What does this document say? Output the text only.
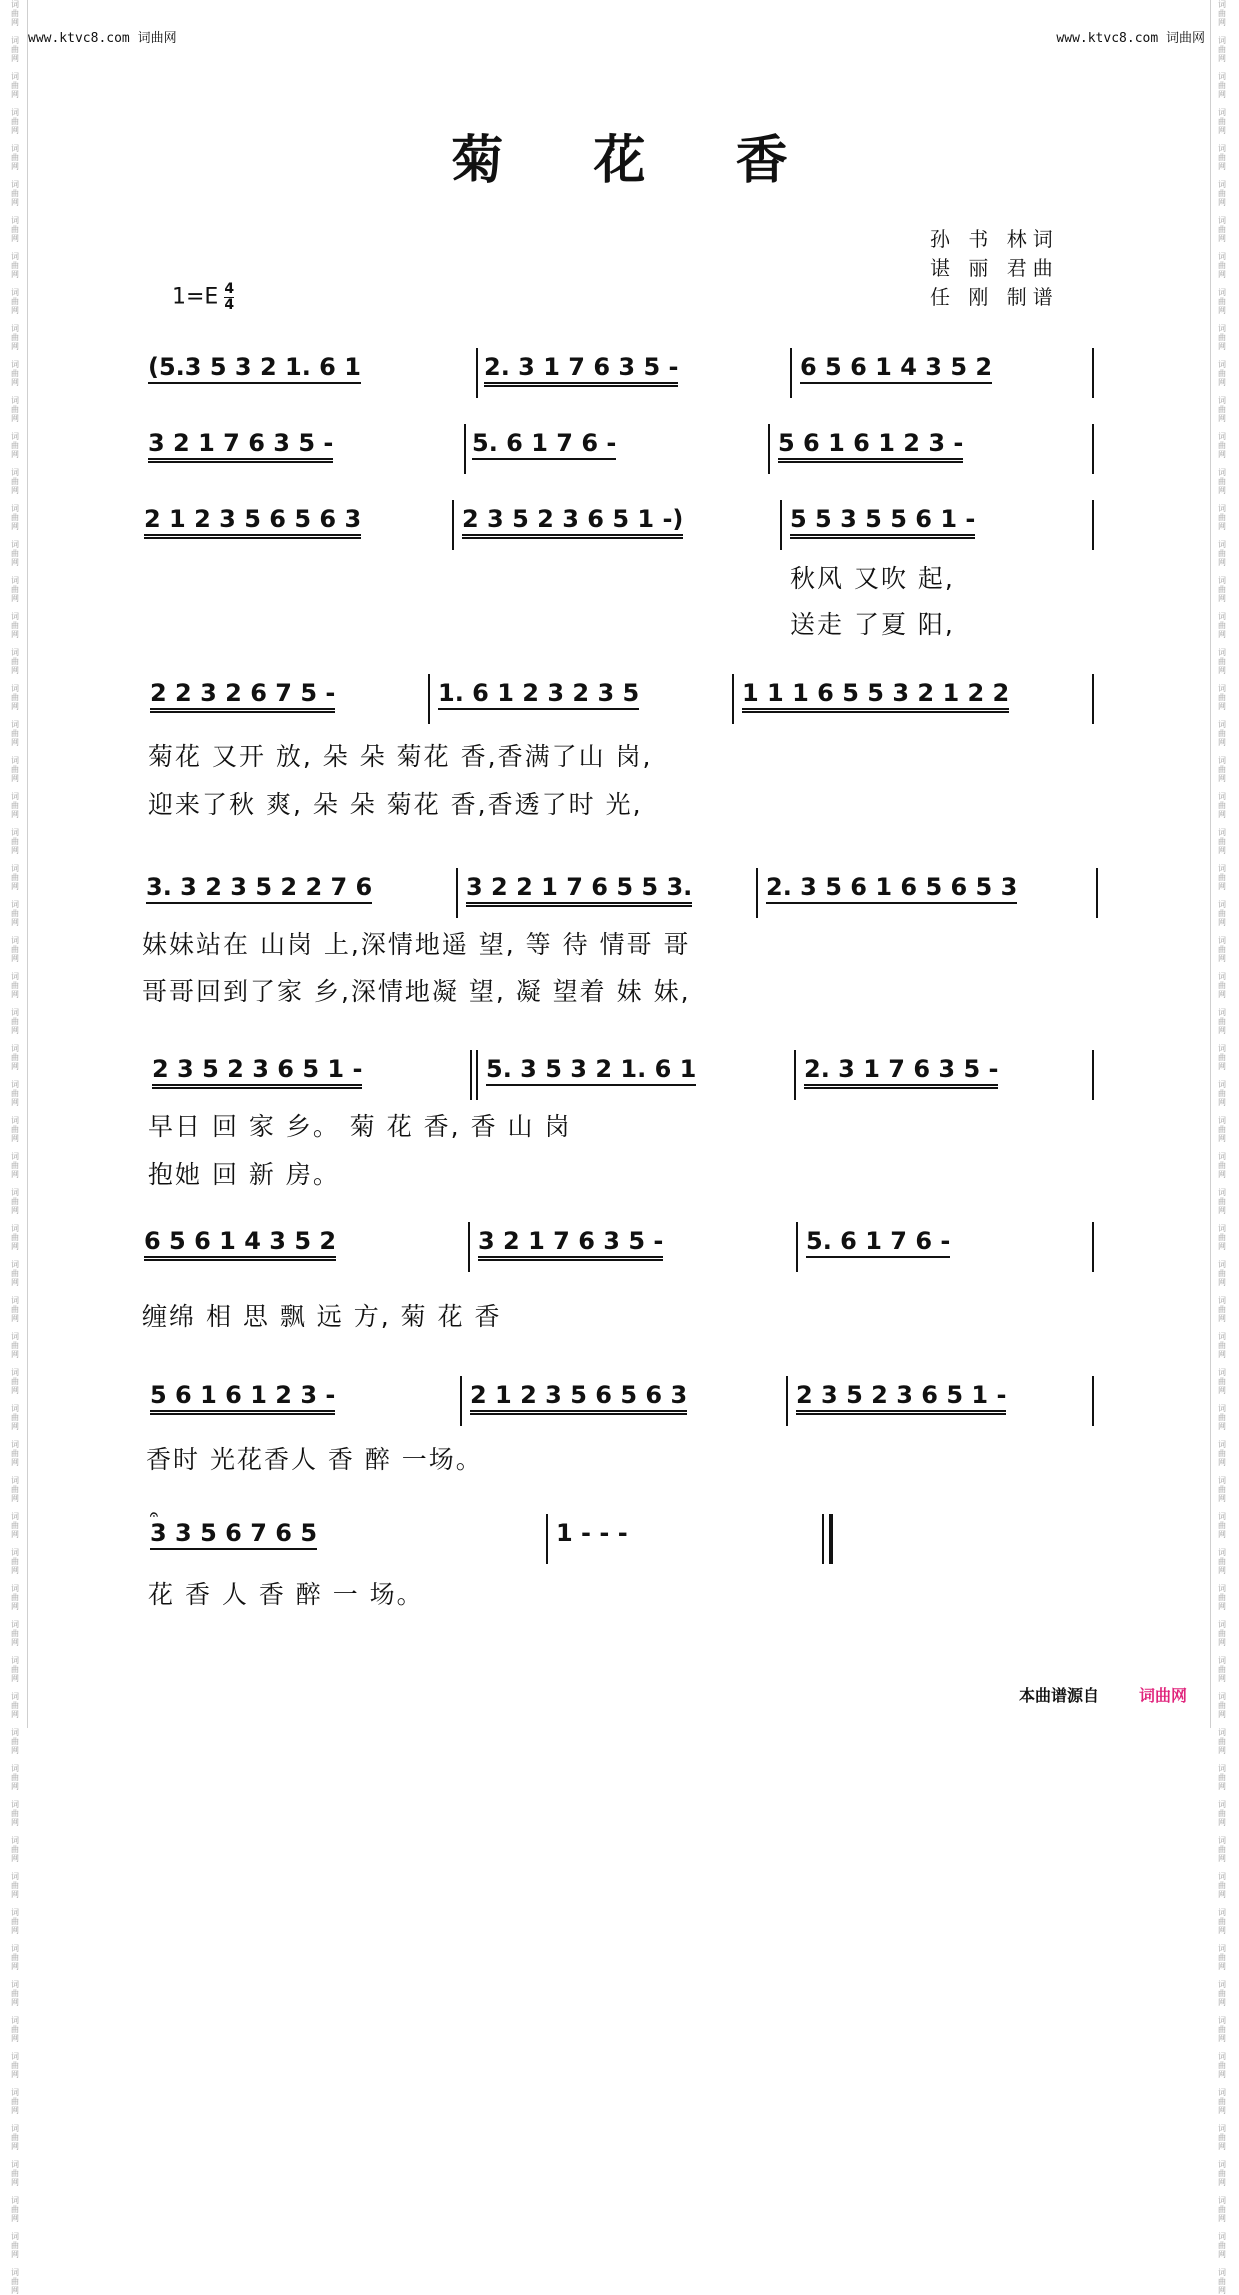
词
曲
网

词
曲
网

词
曲
网

词
曲
网

词
曲
网

词
曲
网

词
曲
网

词
曲
网

词
曲
网

词
曲
网

词
曲
网

词
曲
网

词
曲
网

词
曲
网

词
曲
网

词
曲
网

词
曲
网

词
曲
网

词
曲
网

词
曲
网

词
曲
网

词
曲
网

词
曲
网

词
曲
网

词
曲
网

词
曲
网

词
曲
网

词
曲
网

词
曲
网

词
曲
网

词
曲
网

词
曲
网

词
曲
网

词
曲
网

词
曲
网

词
曲
网

词
曲
网

词
曲
网

词
曲
网

词
曲
网

词
曲
网

词
曲
网

词
曲
网

词
曲
网

词
曲
网

词
曲
网

词
曲
网

词
曲
网

词
曲
网

词
曲
网

词
曲
网

词
曲
网

词
曲
网

词
曲
网

词
曲
网

词
曲
网

词
曲
网

词
曲
网

词
曲
网

词
曲
网

词
曲
网

词
曲
网

词
曲
网

词
曲
网

词
曲
网

词
曲
网

词
曲
网

词
曲
网

词
曲
网

词
曲
网

词
曲
网

词
曲
网

词
曲
网

词
曲
网

词
曲
网

词
曲
网

词
曲
网

词
曲
网

词
曲
网

词
曲
网

词
曲
网

词
曲
网

词
曲
网

词
曲
网

词
曲
网

词
曲
网

词
曲
网

词
曲
网

词
曲
网

词
曲
网

词
曲
网

词
曲
网

词
曲
网

词
曲
网

词
曲
网

词
曲
网

词
曲
网

词
曲
网

词
曲
网

词
曲
网

词
曲
网

词
曲
网

词
曲
网

词
曲
网

词
曲
网

词
曲
网

词
曲
网

词
曲
网

词
曲
网

词
曲
网

词
曲
网

词
曲
网

词
曲
网

词
曲
网

词
曲
网

词
曲
网

词
曲
网

词
曲
网

词
曲
网

词
曲
网

词
曲
网

词
曲
网

词
曲
网

词
曲
网

词
曲
网

词
曲
网

词
曲
网

词
曲
网

www.ktvc8.com 词曲网	www.ktvc8.com 词曲网
菊 花 香
孙 书 林词
谌 丽 君曲
任 刚 制谱
$1=E \frac{4}{4}$
(5.3 5 3 2 1. 6 1	2. 3 1 7 6 3 5 -	6 5 6 1 4 3 5 2
3 2 1 7 6 3 5 -	5. 6 1 7 6 -	5 6 1 6 1 2 3 -
2 1 2 3 5 6 5 6 3	2 3 5 2 3 6 5 1 -)	5 5 3 5 5 6 1 -
秋风 又吹 起,
送走 了夏 阳,
2 2 3 2 6 7 5 -	1. 6 1 2 3 2 3 5	1 1 1 6 5 5 3 2 1 2 2
菊花 又开 放, 朵 朵 菊花 香,香满了山 岗,
迎来了秋 爽, 朵 朵 菊花 香,香透了时 光,
3. 3 2 3 5 2 2 7 6	3 2 2 1 7 6 5 5 3.	2. 3 5 6 1 6 5 6 5 3
妹妹站在 山岗 上,深情地遥 望, 等 待 情哥 哥
哥哥回到了家 乡,深情地凝 望, 凝 望着 妹 妹,
2 3 5 2 3 6 5 1 -	5. 3 5 3 2 1. 6 1	2. 3 1 7 6 3 5 -
早日 回 家 乡。 菊 花 香, 香 山 岗
抱她 回 新 房。
6 5 6 1 4 3 5 2	3 2 1 7 6 3 5 -	5. 6 1 7 6 -
缠绵 相 思 飘 远 方, 菊 花 香
5 6 1 6 1 2 3 -	2 1 2 3 5 6 5 6 3	2 3 5 2 3 6 5 1 -
香时 光花香人 香 醉 一场。
𝄐
3 3 5 6 7 6 5	1 - - -
花 香 人 香 醉 一 场。
本曲谱源自	词曲网
